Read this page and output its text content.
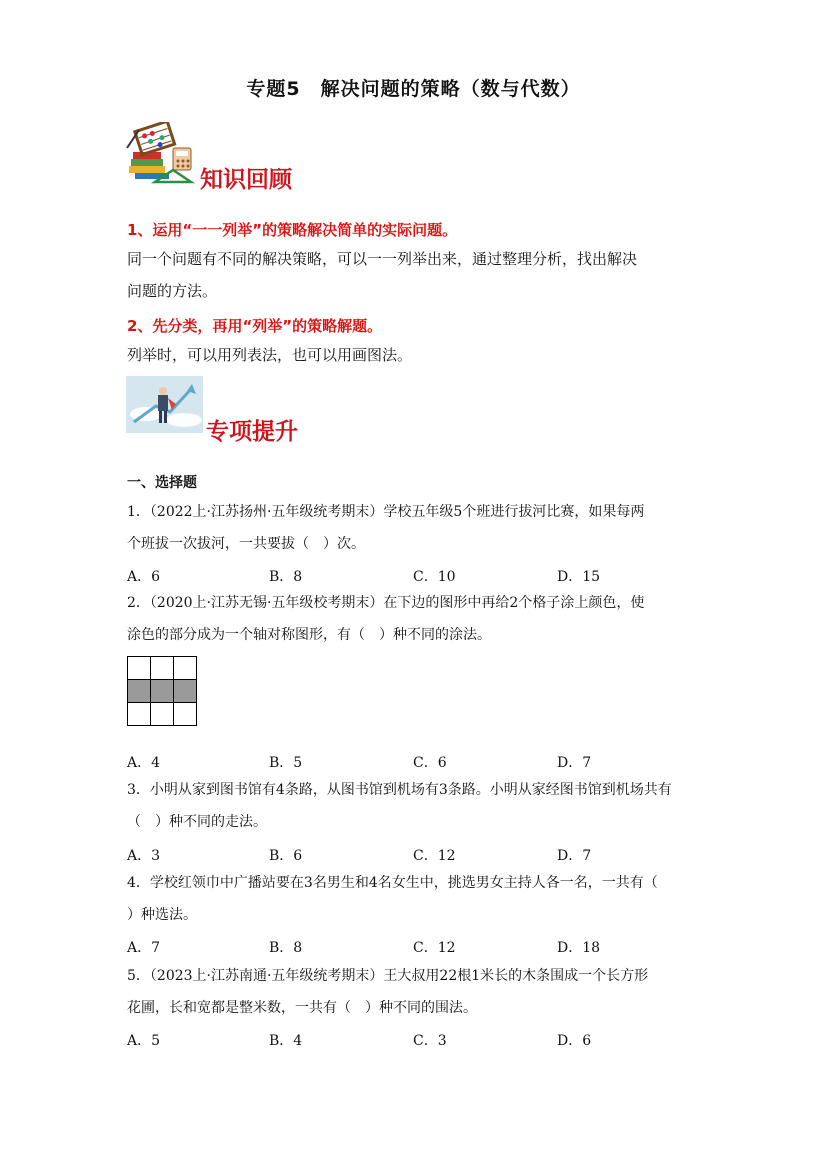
专题5　解决问题的策略（数与代数）
知识回顾
1、运用“一一列举”的策略解决简单的实际问题。
同一个问题有不同的解决策略，可以一一列举出来，通过整理分析，找出解决
问题的方法。
2、先分类，再用“列举”的策略解题。
列举时，可以用列表法，也可以用画图法。
专项提升
一、选择题
1．（2022上·江苏扬州·五年级统考期末）学校五年级5个班进行拔河比赛，如果每两
个班拔一次拔河，一共要拔（　）次。
A．6	B．8	C．10	D．15
2．（2020上·江苏无锡·五年级校考期末）在下边的图形中再给2个格子涂上颜色，使
涂色的部分成为一个轴对称图形，有（　）种不同的涂法。

A．4	B．5	C．6	D．7
3．小明从家到图书馆有4条路，从图书馆到机场有3条路。小明从家经图书馆到机场共有
（　）种不同的走法。
A．3	B．6	C．12	D．7
4．学校红领巾中广播站要在3名男生和4名女生中，挑选男女主持人各一名，一共有（
）种选法。
A．7	B．8	C．12	D．18
5．（2023上·江苏南通·五年级统考期末）王大叔用22根1米长的木条围成一个长方形
花圃，长和宽都是整米数，一共有（　）种不同的围法。
A．5	B．4	C．3	D．6
